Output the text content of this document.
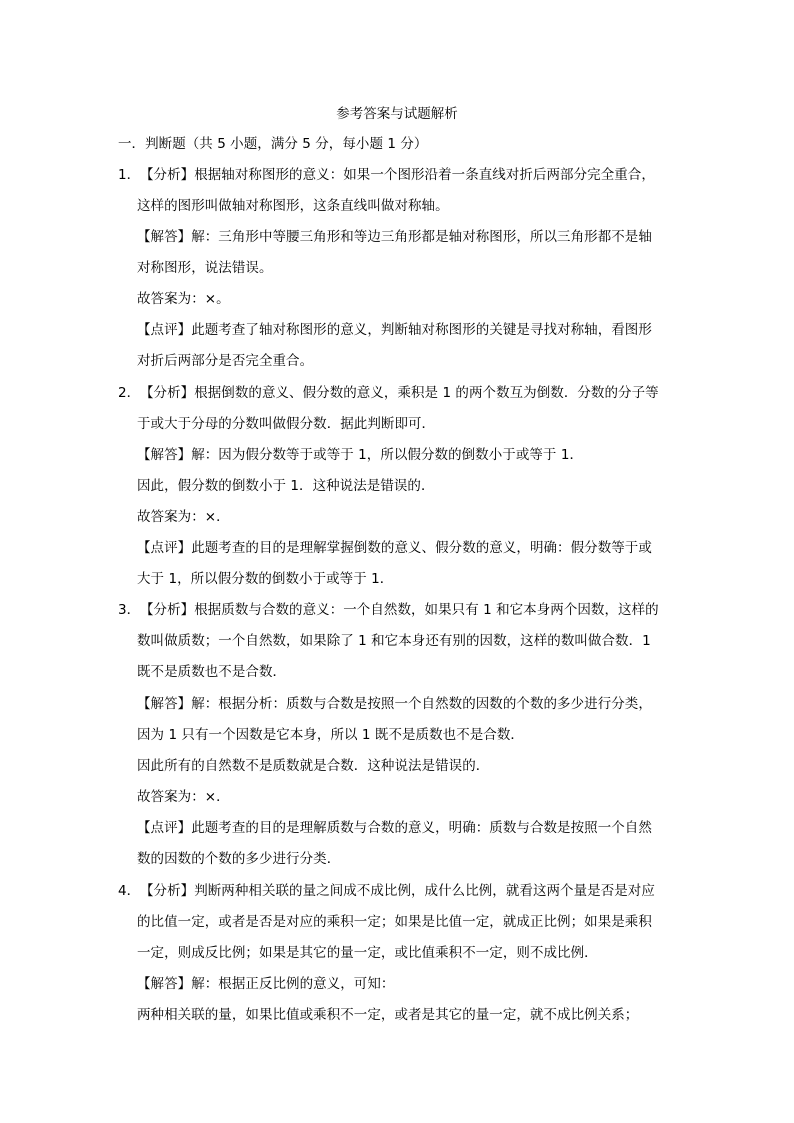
参考答案与试题解析
一．判断题（共 5 小题，满分 5 分，每小题 1 分）
1．【分析】根据轴对称图形的意义：如果一个图形沿着一条直线对折后两部分完全重合，
这样的图形叫做轴对称图形，这条直线叫做对称轴。
【解答】解：三角形中等腰三角形和等边三角形都是轴对称图形，所以三角形都不是轴
对称图形，说法错误。
故答案为：×。
【点评】此题考查了轴对称图形的意义，判断轴对称图形的关键是寻找对称轴，看图形
对折后两部分是否完全重合。
2．【分析】根据倒数的意义、假分数的意义，乘积是 1 的两个数互为倒数．分数的分子等
于或大于分母的分数叫做假分数．据此判断即可．
【解答】解：因为假分数等于或等于 1，所以假分数的倒数小于或等于 1．
因此，假分数的倒数小于 1．这种说法是错误的．
故答案为：×．
【点评】此题考查的目的是理解掌握倒数的意义、假分数的意义，明确：假分数等于或
大于 1，所以假分数的倒数小于或等于 1．
3．【分析】根据质数与合数的意义：一个自然数，如果只有 1 和它本身两个因数，这样的
数叫做质数；一个自然数，如果除了 1 和它本身还有别的因数，这样的数叫做合数．1
既不是质数也不是合数．
【解答】解：根据分析：质数与合数是按照一个自然数的因数的个数的多少进行分类，
因为 1 只有一个因数是它本身，所以 1 既不是质数也不是合数．
因此所有的自然数不是质数就是合数．这种说法是错误的．
故答案为：×．
【点评】此题考查的目的是理解质数与合数的意义，明确：质数与合数是按照一个自然
数的因数的个数的多少进行分类．
4．【分析】判断两种相关联的量之间成不成比例，成什么比例，就看这两个量是否是对应
的比值一定，或者是否是对应的乘积一定；如果是比值一定，就成正比例；如果是乘积
一定，则成反比例；如果是其它的量一定，或比值乘积不一定，则不成比例．
【解答】解：根据正反比例的意义，可知：
两种相关联的量，如果比值或乘积不一定，或者是其它的量一定，就不成比例关系；
